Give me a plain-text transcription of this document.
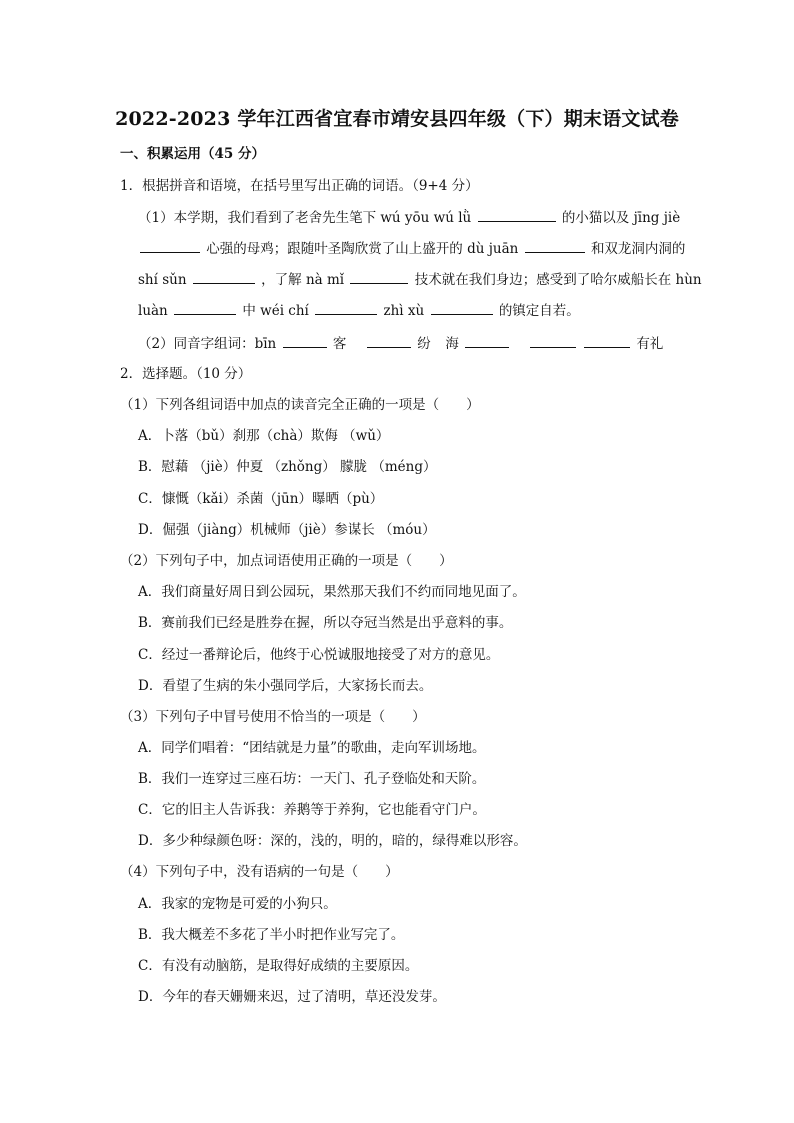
2022-2023 学年江西省宜春市靖安县四年级（下）期末语文试卷
一、积累运用（45 分）
1．根据拼音和语境，在括号里写出正确的词语。（9+4 分）
（1）本学期，我们看到了老舍先生笔下 wú yōu wú lǜ	的小猫以及 jīng jiè
心强的母鸡；跟随叶圣陶欣赏了山上盛开的 dù juān	和双龙洞内洞的
shí sǔn	，了解 nà mǐ	技术就在我们身边；感受到了哈尔威船长在 hùn
luàn	中 wéi chí	zhì xù	的镇定自若。
（2）同音字组词：bīn	客	纷 海	有礼
2．选择题。（10 分）
（1）下列各组词语中加点的读音完全正确的一项是（　　）
A．卜落（bǔ）刹那（chà）欺侮 （wǔ）
B．慰藉 （jiè）仲夏 （zhǒng） 朦胧 （méng）
C．慷慨（kǎi）杀菌（jūn）曝晒（pù）
D．倔强（jiàng）机械师（jiè）参谋长 （móu）
（2）下列句子中，加点词语使用正确的一项是（　　）
A．我们商量好周日到公园玩，果然那天我们不约而同地见面了。
B．赛前我们已经是胜券在握，所以夺冠当然是出乎意料的事。
C．经过一番辩论后，他终于心悦诚服地接受了对方的意见。
D．看望了生病的朱小强同学后，大家扬长而去。
（3）下列句子中冒号使用不恰当的一项是（　　）
A．同学们唱着：“团结就是力量”的歌曲，走向军训场地。
B．我们一连穿过三座石坊：一天门、孔子登临处和天阶。
C．它的旧主人告诉我：养鹅等于养狗，它也能看守门户。
D．多少种绿颜色呀：深的，浅的，明的，暗的，绿得难以形容。
（4）下列句子中，没有语病的一句是（　　）
A．我家的宠物是可爱的小狗只。
B．我大概差不多花了半小时把作业写完了。
C．有没有动脑筋，是取得好成绩的主要原因。
D．今年的春天姗姗来迟，过了清明，草还没发芽。
